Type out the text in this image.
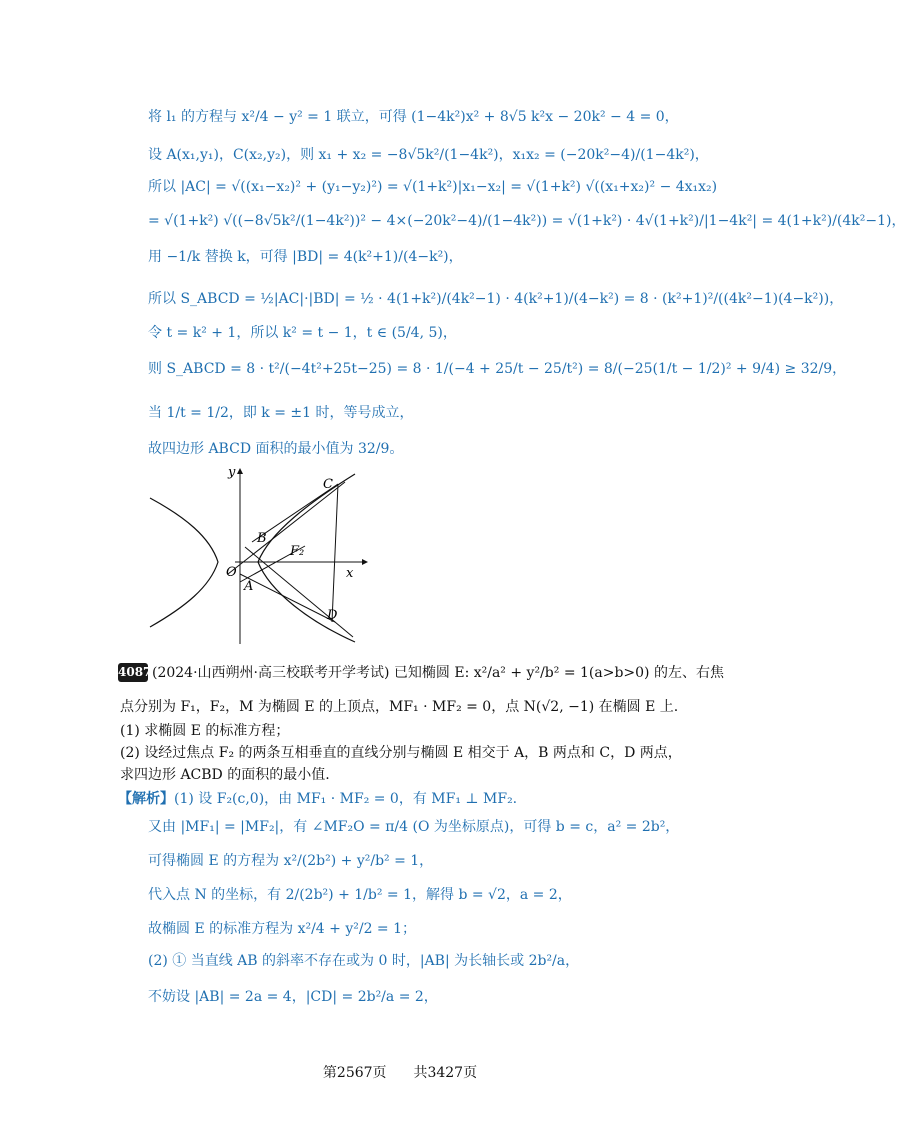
将 l₁ 的方程与 x²/4 − y² = 1 联立，可得 (1−4k²)x² + 8√5 k²x − 20k² − 4 = 0，
设 A(x₁,y₁)，C(x₂,y₂)，则 x₁ + x₂ = −8√5k²/(1−4k²)，x₁x₂ = (−20k²−4)/(1−4k²)，
所以 |AC| = √((x₁−x₂)² + (y₁−y₂)²) = √(1+k²)|x₁−x₂| = √(1+k²) √((x₁+x₂)² − 4x₁x₂)
= √(1+k²) √((−8√5k²/(1−4k²))² − 4×(−20k²−4)/(1−4k²)) = √(1+k²) · 4√(1+k²)/|1−4k²| = 4(1+k²)/(4k²−1)，
用 −1/k 替换 k，可得 |BD| = 4(k²+1)/(4−k²)，
所以 S_ABCD = ½|AC|·|BD| = ½ · 4(1+k²)/(4k²−1) · 4(k²+1)/(4−k²) = 8 · (k²+1)²/((4k²−1)(4−k²))，
令 t = k² + 1，所以 k² = t − 1，t ∈ (5/4, 5)，
则 S_ABCD = 8 · t²/(−4t²+25t−25) = 8 · 1/(−4 + 25/t − 25/t²) = 8/(−25(1/t − 1/2)² + 9/4) ≥ 32/9，
当 1/t = 1/2，即 k = ±1 时，等号成立，
故四边形 ABCD 面积的最小值为 32/9。
y
x
O
A
B
C
D
F₂
4087 (2024·山西朔州·高三校联考开学考试) 已知椭圆 E: x²/a² + y²/b² = 1(a>b>0) 的左、右焦
点分别为 F₁，F₂，M 为椭圆 E 的上顶点，MF₁ · MF₂ = 0，点 N(√2, −1) 在椭圆 E 上.
(1) 求椭圆 E 的标准方程；
(2) 设经过焦点 F₂ 的两条互相垂直的直线分别与椭圆 E 相交于 A，B 两点和 C，D 两点，
求四边形 ACBD 的面积的最小值.
【解析】(1) 设 F₂(c,0)，由 MF₁ · MF₂ = 0，有 MF₁ ⊥ MF₂.
又由 |MF₁| = |MF₂|，有 ∠MF₂O = π/4 (O 为坐标原点)，可得 b = c，a² = 2b²，
可得椭圆 E 的方程为 x²/(2b²) + y²/b² = 1，
代入点 N 的坐标，有 2/(2b²) + 1/b² = 1，解得 b = √2，a = 2，
故椭圆 E 的标准方程为 x²/4 + y²/2 = 1；
(2) ① 当直线 AB 的斜率不存在或为 0 时，|AB| 为长轴长或 2b²/a，
不妨设 |AB| = 2a = 4，|CD| = 2b²/a = 2，
第2567页 共3427页
